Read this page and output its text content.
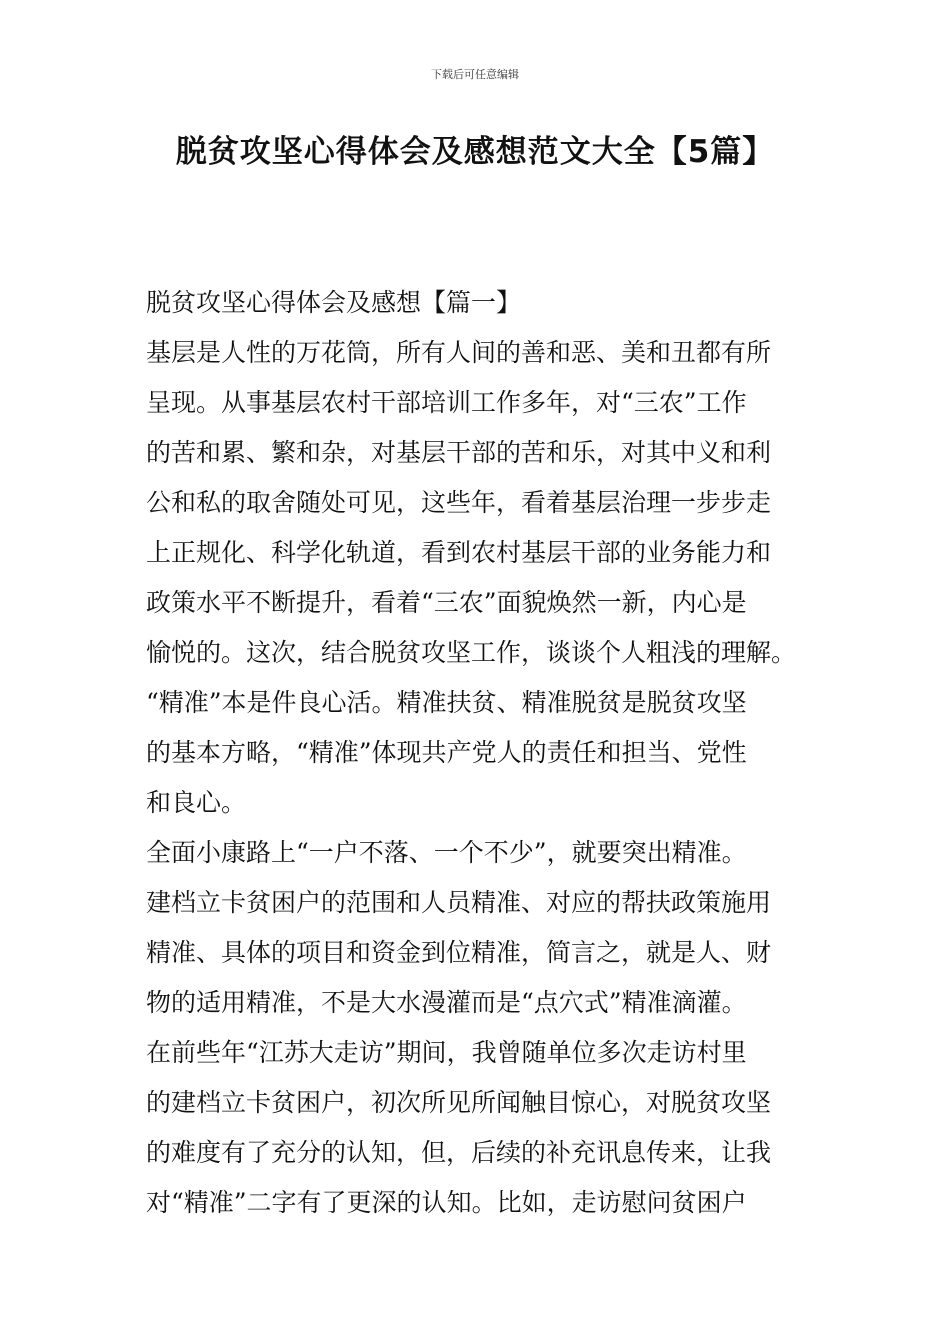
下载后可任意编辑
脱贫攻坚心得体会及感想范文大全【5篇】
脱贫攻坚心得体会及感想【篇一】
基层是人性的万花筒，所有人间的善和恶、美和丑都有所
呈现。从事基层农村干部培训工作多年，对“三农”工作
的苦和累、繁和杂，对基层干部的苦和乐，对其中义和利
公和私的取舍随处可见，这些年，看着基层治理一步步走
上正规化、科学化轨道，看到农村基层干部的业务能力和
政策水平不断提升，看着“三农”面貌焕然一新，内心是
愉悦的。这次，结合脱贫攻坚工作，谈谈个人粗浅的理解。
“精准”本是件良心活。精准扶贫、精准脱贫是脱贫攻坚
的基本方略，“精准”体现共产党人的责任和担当、党性
和良心。
全面小康路上“一户不落、一个不少”，就要突出精准。
建档立卡贫困户的范围和人员精准、对应的帮扶政策施用
精准、具体的项目和资金到位精准，简言之，就是人、财
物的适用精准，不是大水漫灌而是“点穴式”精准滴灌。
在前些年“江苏大走访”期间，我曾随单位多次走访村里
的建档立卡贫困户，初次所见所闻触目惊心，对脱贫攻坚
的难度有了充分的认知，但，后续的补充讯息传来，让我
对“精准”二字有了更深的认知。比如，走访慰问贫困户
